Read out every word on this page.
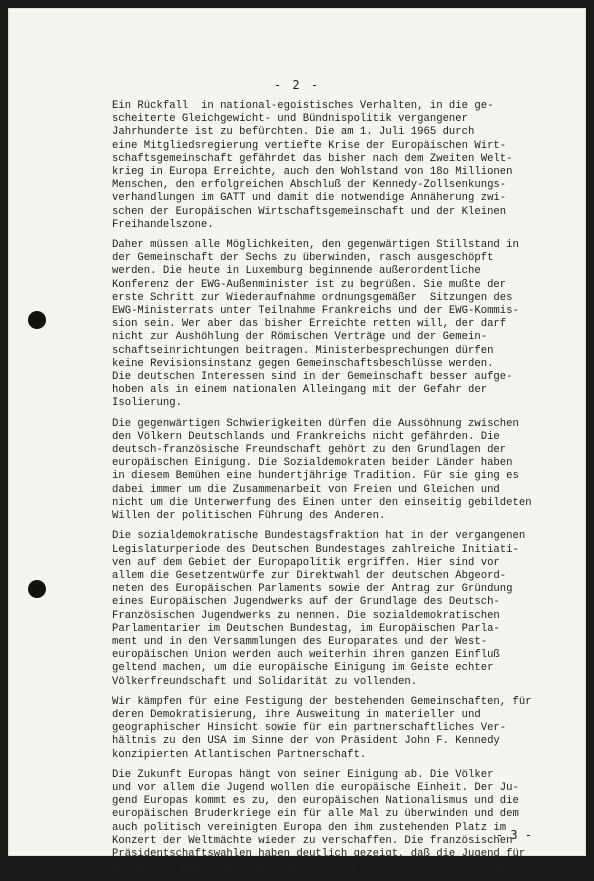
- 2 -
Ein Rückfall  in national-egoistisches Verhalten, in die ge-
scheiterte Gleichgewicht- und Bündnispolitik vergangener
Jahrhunderte ist zu befürchten. Die am 1. Juli 1965 durch
eine Mitgliedsregierung vertiefte Krise der Europäischen Wirt-
schaftsgemeinschaft gefährdet das bisher nach dem Zweiten Welt-
krieg in Europa Erreichte, auch den Wohlstand von 18o Millionen
Menschen, den erfolgreichen Abschluß der Kennedy-Zollsenkungs-
verhandlungen im GATT und damit die notwendige Annäherung zwi-
schen der Europäischen Wirtschaftsgemeinschaft und der Kleinen
Freihandelszone.
Daher müssen alle Möglichkeiten, den gegenwärtigen Stillstand in
der Gemeinschaft der Sechs zu überwinden, rasch ausgeschöpft
werden. Die heute in Luxemburg beginnende außerordentliche
Konferenz der EWG-Außenminister ist zu begrüßen. Sie mußte der
erste Schritt zur Wiederaufnahme ordnungsgemäßer  Sitzungen des
EWG-Ministerrats unter Teilnahme Frankreichs und der EWG-Kommis-
sion sein. Wer aber das bisher Erreichte retten will, der darf
nicht zur Aushöhlung der Römischen Verträge und der Gemein-
schaftseinrichtungen beitragen. Ministerbesprechungen dürfen
keine Revisionsinstanz gegen Gemeinschaftsbeschlüsse werden.
Die deutschen Interessen sind in der Gemeinschaft besser aufge-
hoben als in einem nationalen Alleingang mit der Gefahr der
Isolierung.
Die gegenwärtigen Schwierigkeiten dürfen die Aussöhnung zwischen
den Völkern Deutschlands und Frankreichs nicht gefährden. Die
deutsch-französische Freundschaft gehört zu den Grundlagen der
europäischen Einigung. Die Sozialdemokraten beider Länder haben
in diesem Bemühen eine hundertjährige Tradition. Für sie ging es
dabei immer um die Zusammenarbeit von Freien und Gleichen und
nicht um die Unterwerfung des Einen unter den einseitig gebildeten
Willen der politischen Führung des Anderen.
Die sozialdemokratische Bundestagsfraktion hat in der vergangenen
Legislaturperiode des Deutschen Bundestages zahlreiche Initiati-
ven auf dem Gebiet der Europapolitik ergriffen. Hier sind vor
allem die Gesetzentwürfe zur Direktwahl der deutschen Abgeord-
neten des Europäischen Parlaments sowie der Antrag zur Gründung
eines Europäischen Jugendwerks auf der Grundlage des Deutsch-
Französischen Jugendwerks zu nennen. Die sozialdemokratischen
Parlamentarier im Deutschen Bundestag, im Europäischen Parla-
ment und in den Versammlungen des Europarates und der West-
europäischen Union werden auch weiterhin ihren ganzen Einfluß
geltend machen, um die europäische Einigung im Geiste echter
Völkerfreundschaft und Solidarität zu vollenden.
Wir kämpfen für eine Festigung der bestehenden Gemeinschaften, für
deren Demokratisierung, ihre Ausweitung in materieller und
geographischer Hinsicht sowie für ein partnerschaftliches Ver-
hältnis zu den USA im Sinne der von Präsident John F. Kennedy
konzipierten Atlantischen Partnerschaft.
Die Zukunft Europas hängt von seiner Einigung ab. Die Völker
und vor allem die Jugend wollen die europäische Einheit. Der Ju-
gend Europas kommt es zu, den europäischen Nationalismus und die
europäischen Bruderkriege ein für alle Mal zu überwinden und dem
auch politisch vereinigten Europa den ihm zustehenden Platz im
Konzert der Weltmächte wieder zu verschaffen. Die französischen
Präsidentschaftswahlen haben deutlich gezeigt, daß die Jugend für
Europa und gegen Nationalismus ist und daß sie durch ihr Votum
- 3 -
